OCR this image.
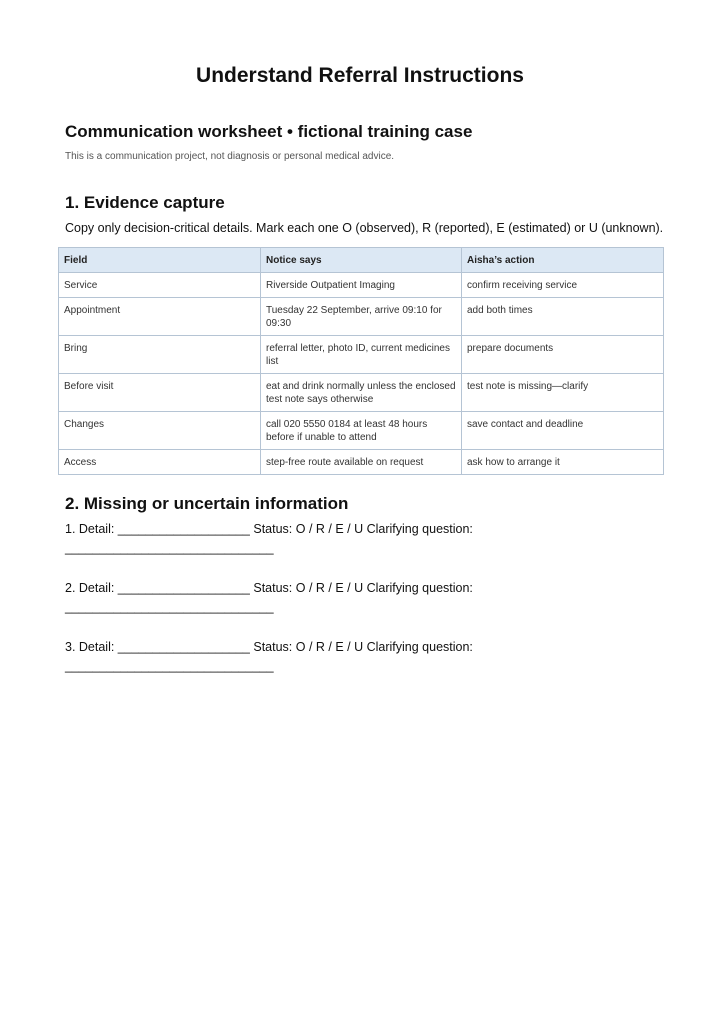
Understand Referral Instructions
Communication worksheet • fictional training case
This is a communication project, not diagnosis or personal medical advice.
1. Evidence capture
Copy only decision-critical details. Mark each one O (observed), R (reported), E (estimated) or U (unknown).
Field	Notice says	Aisha’s action
Service	Riverside Outpatient Imaging	confirm receiving service
Appointment	Tuesday 22 September, arrive 09:10 for 09:30	add both times
Bring	referral letter, photo ID, current medicines list	prepare documents
Before visit	eat and drink normally unless the enclosed test note says otherwise	test note is missing—clarify
Changes	call 020 5550 0184 at least 48 hours before if unable to attend	save contact and deadline
Access	step-free route available on request	ask how to arrange it
2. Missing or uncertain information
1. Detail: ___________________ Status: O / R / E / U Clarifying question:
______________________________
2. Detail: ___________________ Status: O / R / E / U Clarifying question:
______________________________
3. Detail: ___________________ Status: O / R / E / U Clarifying question:
______________________________
